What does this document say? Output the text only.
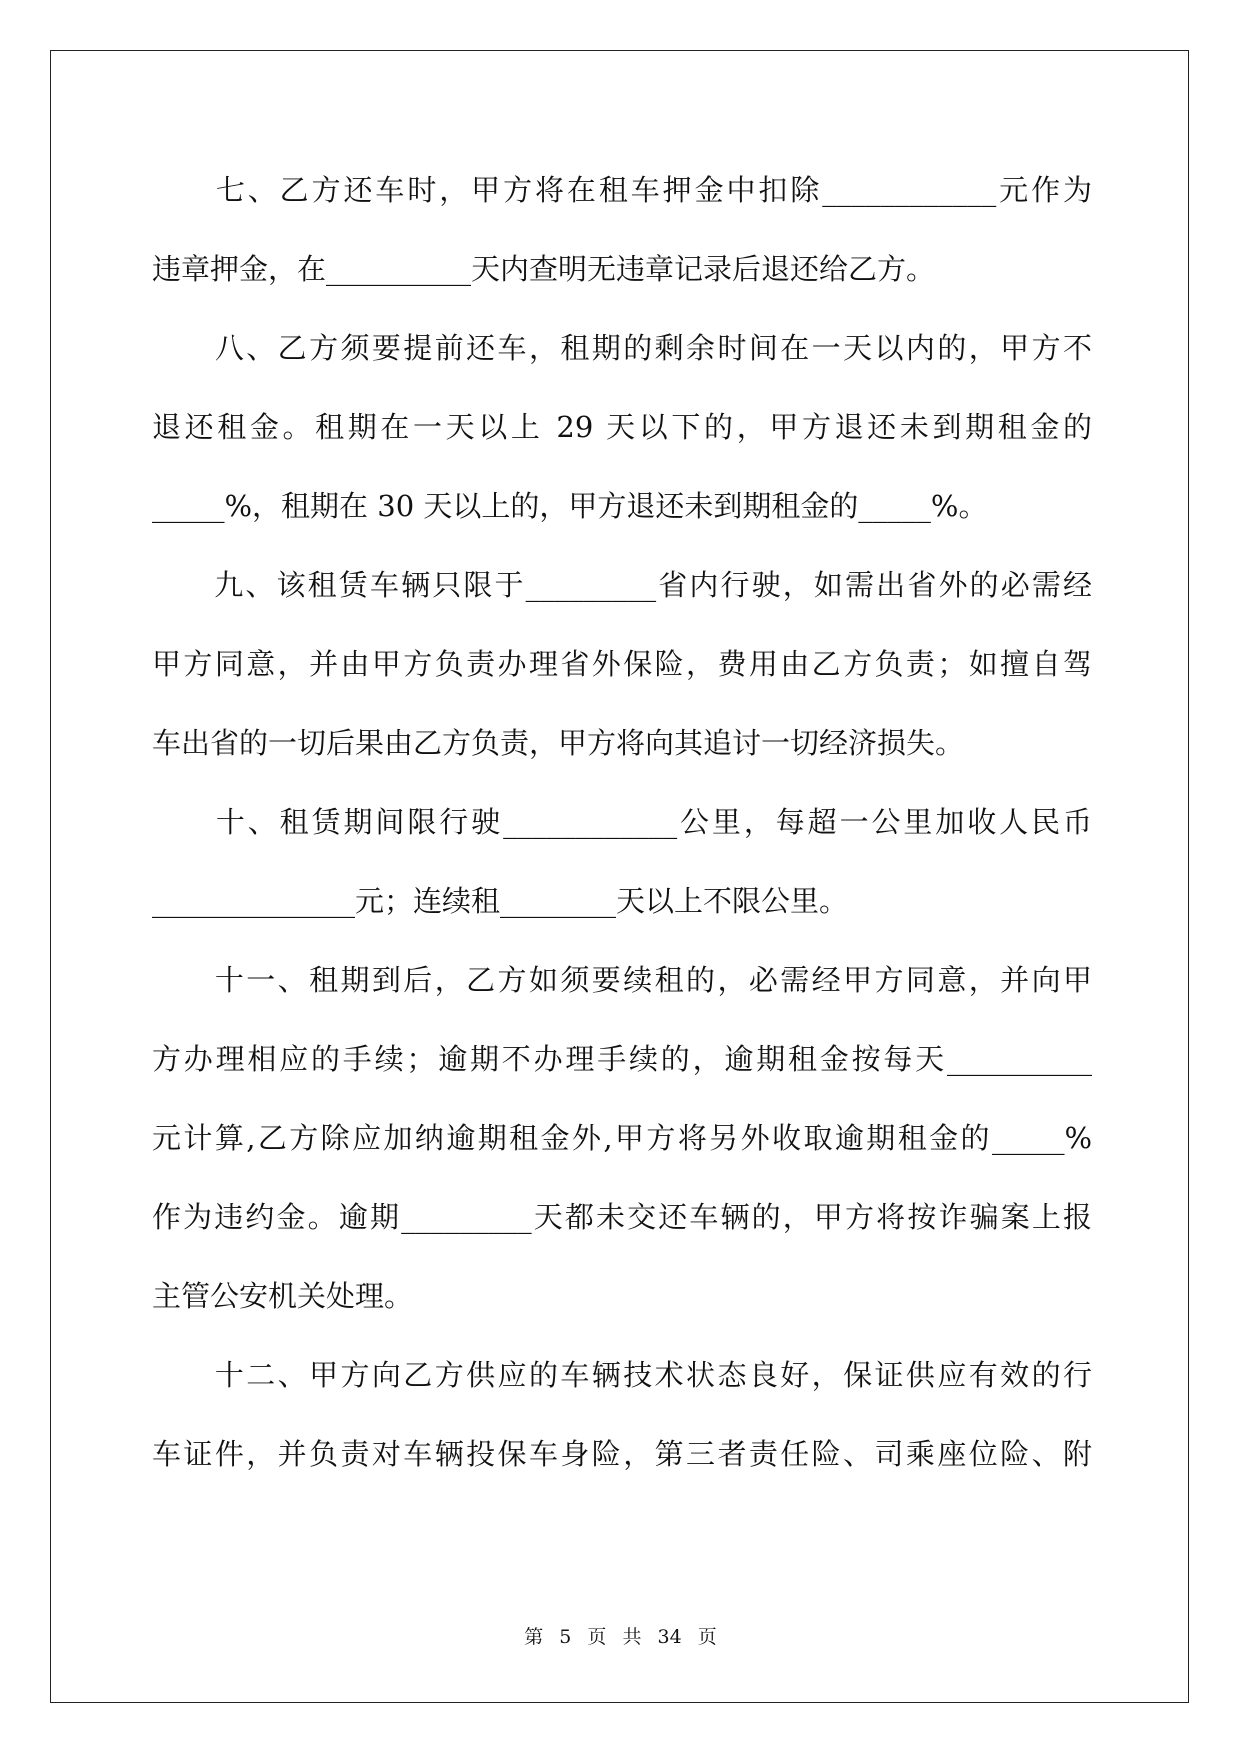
　　七、乙方还车时，甲方将在租车押金中扣除____________元作为

违章押金，在__________天内查明无违章记录后退还给乙方。

　　八、乙方须要提前还车，租期的剩余时间在一天以内的，甲方不

退还租金。租期在一天以上 29 天以下的，甲方退还未到期租金的

_____%，租期在 30 天以上的，甲方退还未到期租金的_____%。

　　九、该租赁车辆只限于_________省内行驶，如需出省外的必需经

甲方同意，并由甲方负责办理省外保险，费用由乙方负责；如擅自驾

车出省的一切后果由乙方负责，甲方将向其追讨一切经济损失。

　　十、租赁期间限行驶____________公里，每超一公里加收人民币

______________元；连续租________天以上不限公里。

　　十一、租期到后，乙方如须要续租的，必需经甲方同意，并向甲

方办理相应的手续；逾期不办理手续的，逾期租金按每天__________

元计算,乙方除应加纳逾期租金外,甲方将另外收取逾期租金的_____%

作为违约金。逾期_________天都未交还车辆的，甲方将按诈骗案上报

主管公安机关处理。

　　十二、甲方向乙方供应的车辆技术状态良好，保证供应有效的行

车证件，并负责对车辆投保车身险，第三者责任险、司乘座位险、附

第 5 页 共 34 页
